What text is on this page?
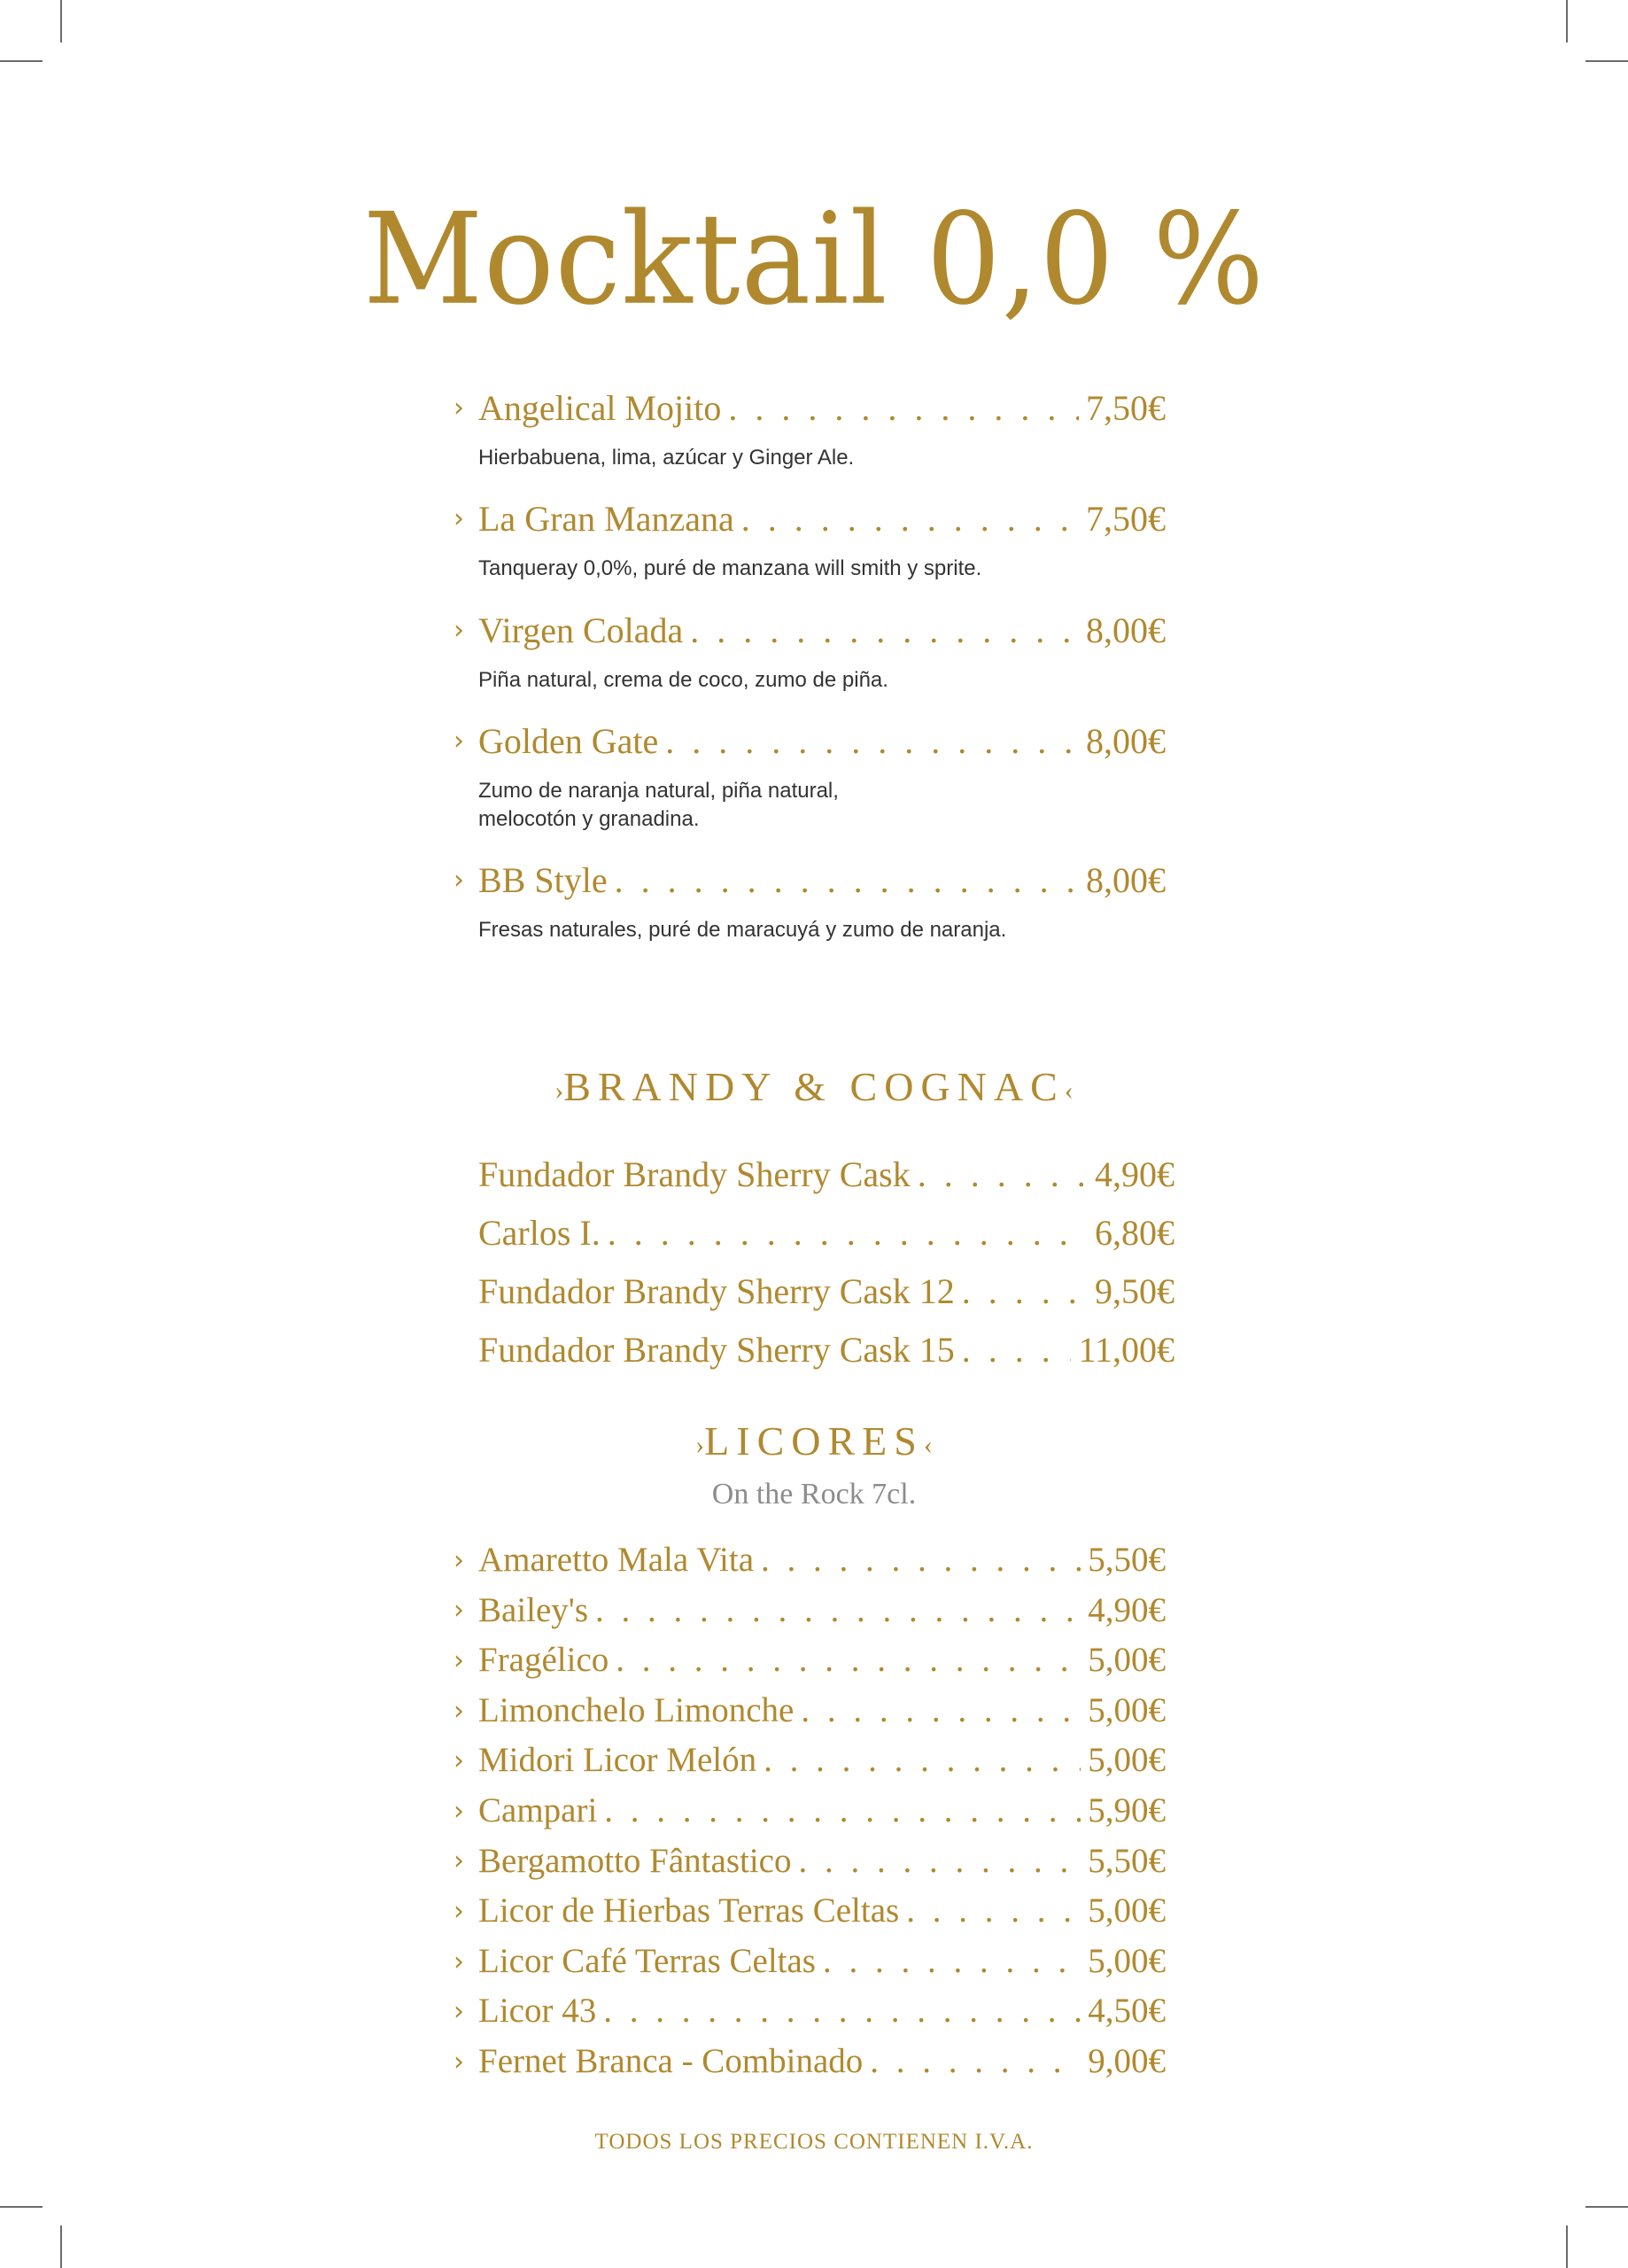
Mocktail 0,0 %
› Angelical Mojito . . .	7,50€
Hierbabuena, lima, azúcar y Ginger Ale.
› La Gran Manzana . . .	7,50€
Tanqueray 0,0%, puré de manzana will smith y sprite.
› Virgen Colada . . .	8,00€
Piña natural, crema de coco, zumo de piña.
› Golden Gate . . .	8,00€
Zumo de naranja natural, piña natural,
melocotón y granadina.
› BB Style . . .	8,00€
Fresas naturales, puré de maracuyá y zumo de naranja.
›BRANDY & COGNAC‹
Fundador Brandy Sherry Cask . . .	4,90€
Carlos I. . . .	6,80€
Fundador Brandy Sherry Cask 12 . . .	9,50€
Fundador Brandy Sherry Cask 15 . . .	11,00€
›LICORES‹
On the Rock 7cl.
› Amaretto Mala Vita . . .	5,50€
› Bailey's . . .	4,90€
› Fragélico . . .	5,00€
› Limonchelo Limonche . . .	5,00€
› Midori Licor Melón . . .	5,00€
› Campari . . .	5,90€
› Bergamotto Fântastico . . .	5,50€
› Licor de Hierbas Terras Celtas . . .	5,00€
› Licor Café Terras Celtas . . .	5,00€
› Licor 43 . . .	4,50€
› Fernet Branca - Combinado . . .	9,00€
TODOS LOS PRECIOS CONTIENEN I.V.A.
